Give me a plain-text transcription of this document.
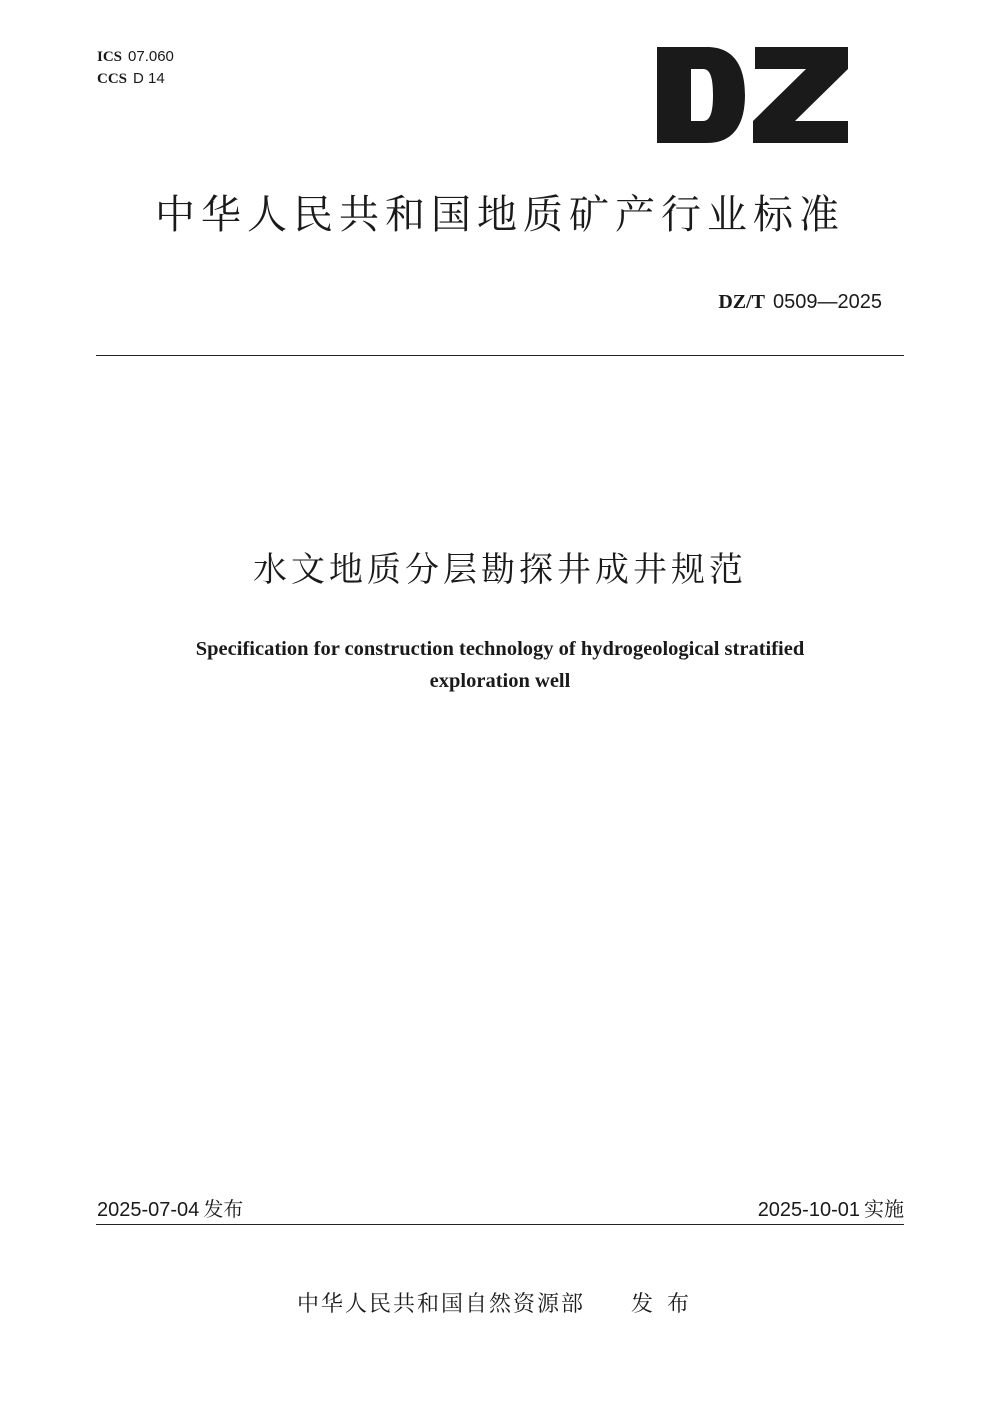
ICS 07.060
CCS D 14
中华人民共和国地质矿产行业标准
DZ/T 0509—2025
水文地质分层勘探井成井规范
Specification for construction technology of hydrogeological stratified
exploration well
2025-07-04 发布	2025-10-01 实施
中华人民共和国自然资源部 发布
